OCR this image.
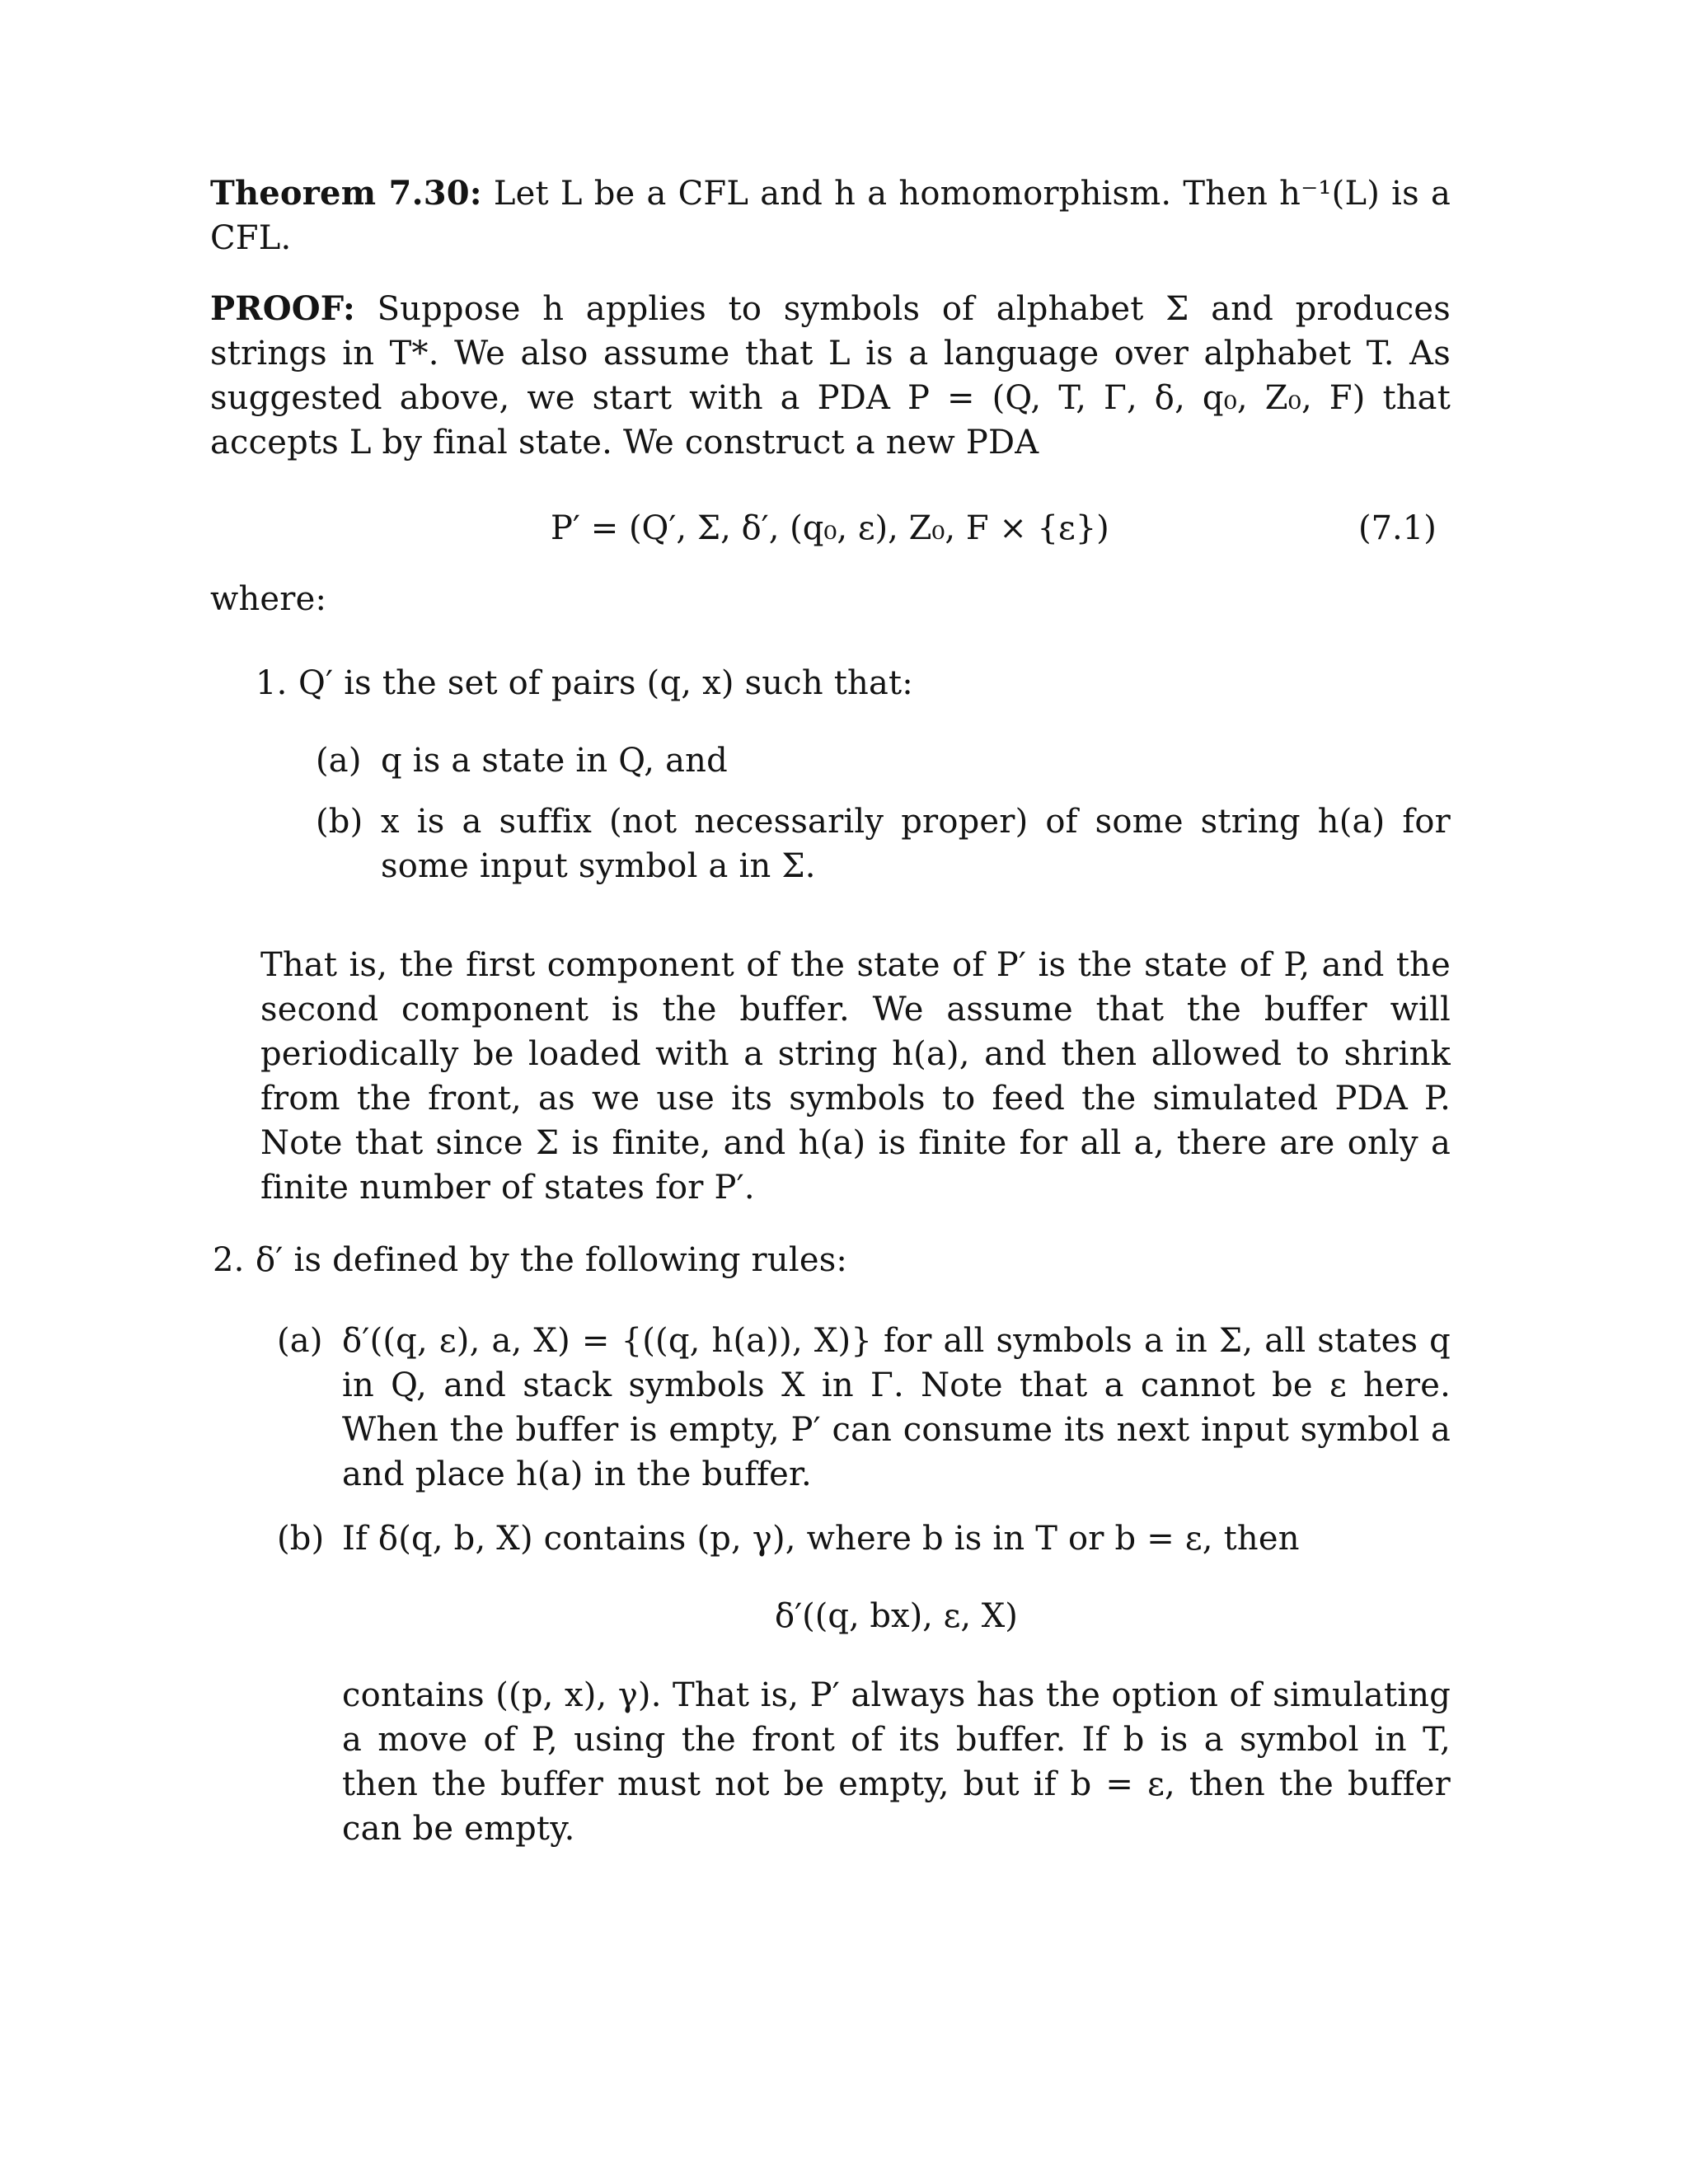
Theorem 7.30: Let L be a CFL and h a homomorphism. Then h⁻¹(L) is a CFL.
PROOF: Suppose h applies to symbols of alphabet Σ and produces strings in T*. We also assume that L is a language over alphabet T. As suggested above, we start with a PDA P = (Q, T, Γ, δ, q₀, Z₀, F) that accepts L by final state. We construct a new PDA
P′ = (Q′, Σ, δ′, (q₀, ε), Z₀, F × {ε})	(7.1)
where:
1. Q′ is the set of pairs (q, x) such that:
(a) q is a state in Q, and
(b) x is a suffix (not necessarily proper) of some string h(a) for some input symbol a in Σ.
That is, the first component of the state of P′ is the state of P, and the second component is the buffer. We assume that the buffer will periodically be loaded with a string h(a), and then allowed to shrink from the front, as we use its symbols to feed the simulated PDA P. Note that since Σ is finite, and h(a) is finite for all a, there are only a finite number of states for P′.
2. δ′ is defined by the following rules:
(a) δ′((q, ε), a, X) = {((q, h(a)), X)} for all symbols a in Σ, all states q in Q, and stack symbols X in Γ. Note that a cannot be ε here. When the buffer is empty, P′ can consume its next input symbol a and place h(a) in the buffer.
(b) If δ(q, b, X) contains (p, γ), where b is in T or b = ε, then
δ′((q, bx), ε, X)
contains ((p, x), γ). That is, P′ always has the option of simulating a move of P, using the front of its buffer. If b is a symbol in T, then the buffer must not be empty, but if b = ε, then the buffer can be empty.
